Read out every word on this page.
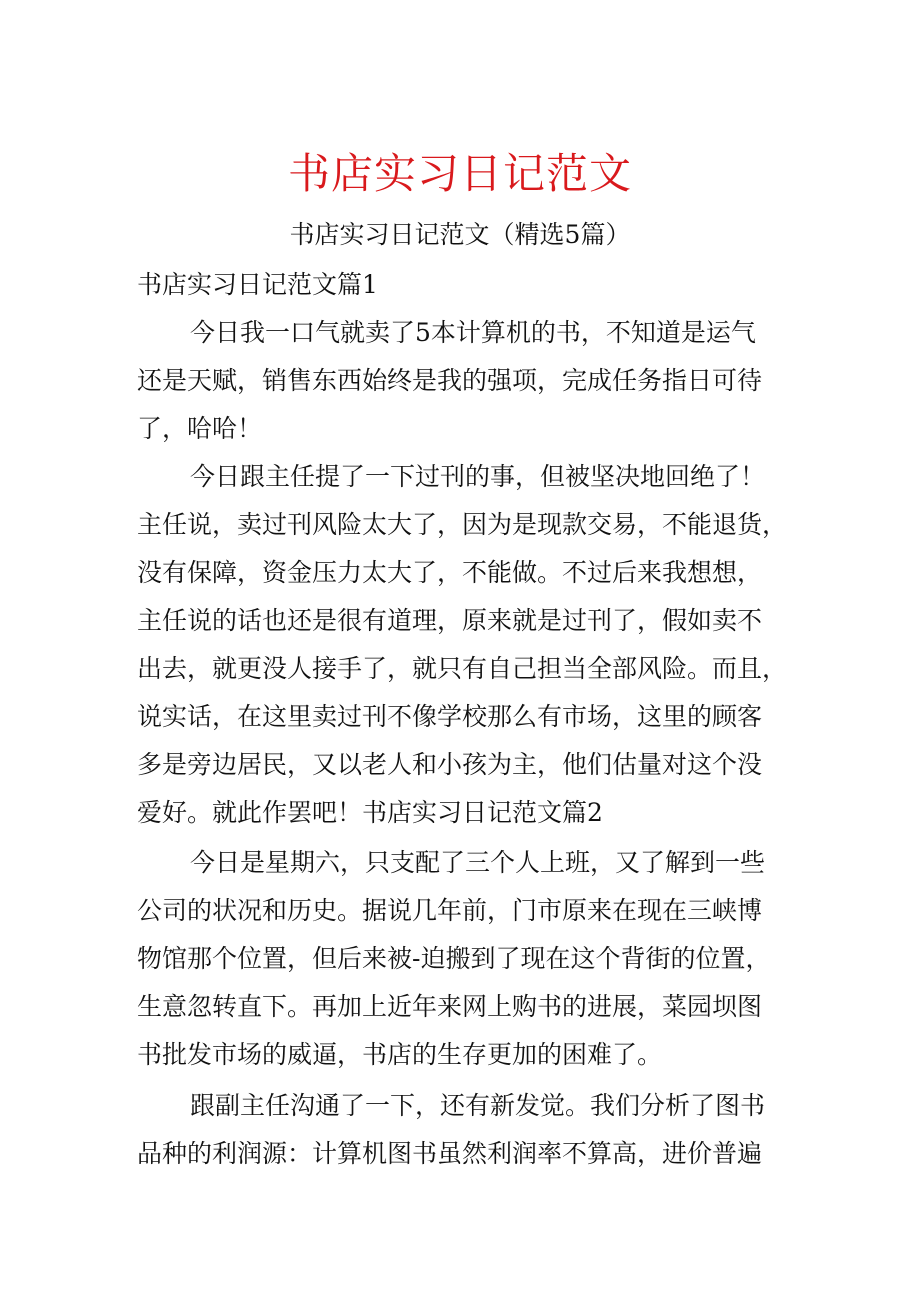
书店实习日记范文
书店实习日记范文（精选5篇）
书店实习日记范文篇1
今日我一口气就卖了5本计算机的书，不知道是运气
还是天赋，销售东西始终是我的强项，完成任务指日可待
了，哈哈！
今日跟主任提了一下过刊的事，但被坚决地回绝了！
主任说，卖过刊风险太大了，因为是现款交易，不能退货，
没有保障，资金压力太大了，不能做。不过后来我想想，
主任说的话也还是很有道理，原来就是过刊了，假如卖不
出去，就更没人接手了，就只有自己担当全部风险。而且，
说实话，在这里卖过刊不像学校那么有市场，这里的顾客
多是旁边居民，又以老人和小孩为主，他们估量对这个没
爱好。就此作罢吧！书店实习日记范文篇2
今日是星期六，只支配了三个人上班，又了解到一些
公司的状况和历史。据说几年前，门市原来在现在三峡博
物馆那个位置，但后来被-迫搬到了现在这个背街的位置，
生意忽转直下。再加上近年来网上购书的进展，菜园坝图
书批发市场的威逼，书店的生存更加的困难了。
跟副主任沟通了一下，还有新发觉。我们分析了图书
品种的利润源：计算机图书虽然利润率不算高，进价普遍
